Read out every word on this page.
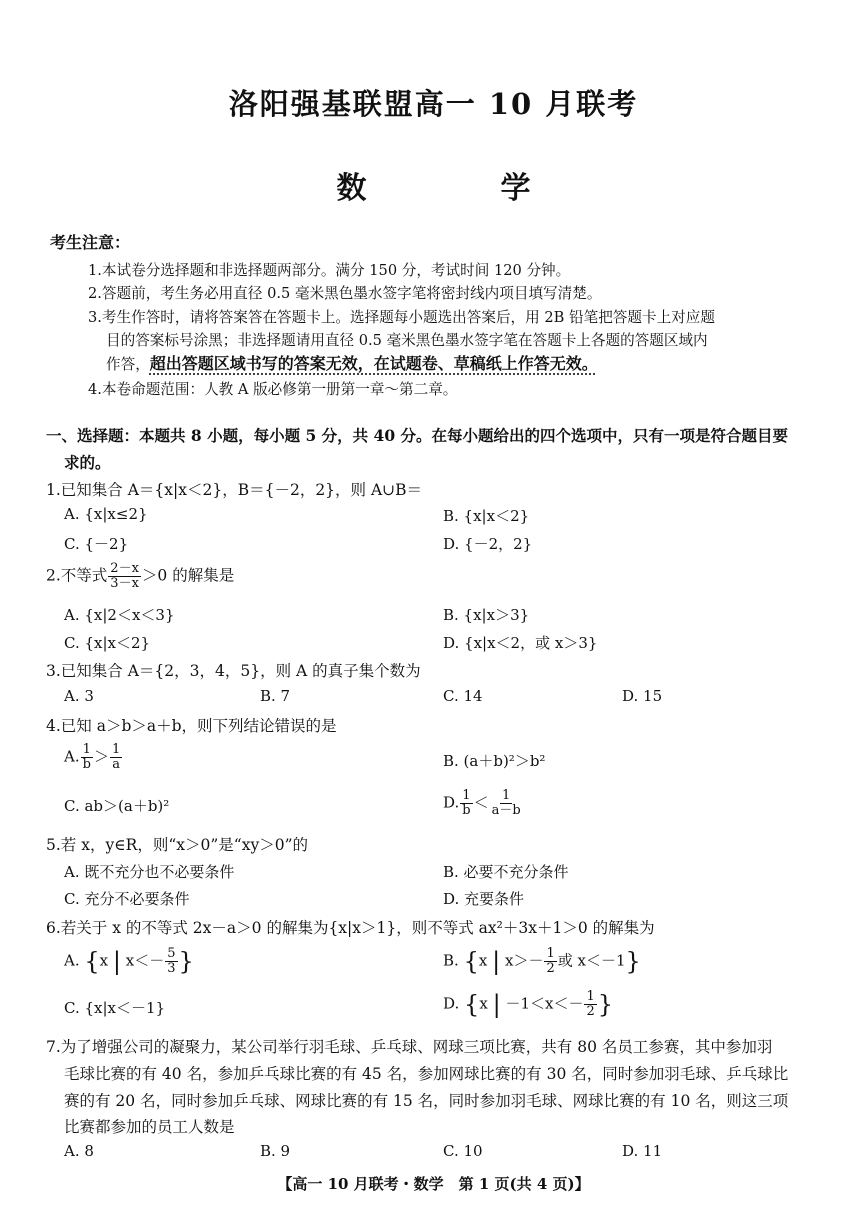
洛阳强基联盟高一 10 月联考
数　学
考生注意：
1.本试卷分选择题和非选择题两部分。满分 150 分，考试时间 120 分钟。
2.答题前，考生务必用直径 0.5 毫米黑色墨水签字笔将密封线内项目填写清楚。
3.考生作答时，请将答案答在答题卡上。选择题每小题选出答案后，用 2B 铅笔把答题卡上对应题
目的答案标号涂黑；非选择题请用直径 0.5 毫米黑色墨水签字笔在答题卡上各题的答题区域内
作答，超出答题区域书写的答案无效，在试题卷、草稿纸上作答无效。
4.本卷命题范围：人教 A 版必修第一册第一章～第二章。
一、选择题：本题共 8 小题，每小题 5 分，共 40 分。在每小题给出的四个选项中，只有一项是符合题目要
求的。
1.已知集合 A＝{x|x＜2}，B＝{－2，2}，则 A∪B＝
A. {x|x≤2}	B. {x|x＜2}
C. {－2}	D. {－2，2}
2.不等式 $\frac{2-x}{3-x} >0$ 的解集是
A. {x|2＜x＜3}	B. {x|x＞3}
C. {x|x＜2}	D. {x|x＜2，或 x＞3}
3.已知集合 A＝{2，3，4，5}，则 A 的真子集个数为
A. 3	B. 7	C. 14	D. 15
4.已知 a＞b＞a＋b，则下列结论错误的是
A. $\frac{1}{b} > \frac{1}{a}$	B. (a＋b)²＞b²
C. ab＞(a＋b)²	D. $\frac{1}{b} < \frac{1}{a-b}$
5.若 x，y∈R，则“x＞0”是“xy＞0”的
A. 既不充分也不必要条件	B. 必要不充分条件
C. 充分不必要条件	D. 充要条件
6.若关于 x 的不等式 2x－a＞0 的解集为{x|x＞1}，则不等式 ax²＋3x＋1＞0 的解集为
A. {x | $x<- \frac{5}{3}$ }	B. {x | $x>- \frac{1}{2}$ 或 x＜－1}
C. {x|x＜－1}	D. {x | $-1<x<- \frac{1}{2}$ }
7.为了增强公司的凝聚力，某公司举行羽毛球、乒乓球、网球三项比赛，共有 80 名员工参赛，其中参加羽
毛球比赛的有 40 名，参加乒乓球比赛的有 45 名，参加网球比赛的有 30 名，同时参加羽毛球、乒乓球比
赛的有 20 名，同时参加乒乓球、网球比赛的有 15 名，同时参加羽毛球、网球比赛的有 10 名，则这三项
比赛都参加的员工人数是
A. 8	B. 9	C. 10	D. 11
【高一 10 月联考・数学　第 1 页(共 4 页)】
